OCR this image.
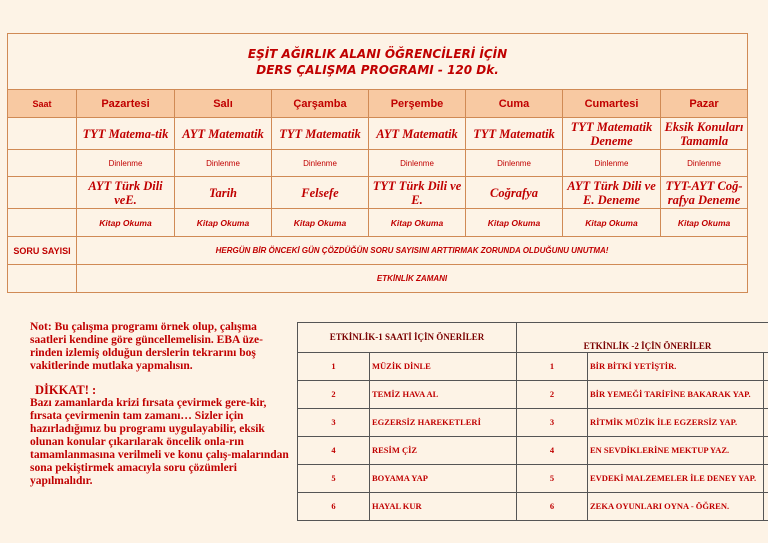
EŞİT AĞIRLIK ALANI ÖĞRENCİLERİ İÇİN
DERS ÇALIŞMA PROGRAMI - 120 Dk.							

Saat	Pazartesi	Salı	Çarşamba	Perşembe	Cuma	Cumartesi	Pazar
	TYT Matema-tik	AYT Matematik	TYT Matematik	AYT Matematik	TYT Matematik	TYT Matematik Deneme	Eksik Konuları Tamamla
	Dinlenme	Dinlenme	Dinlenme	Dinlenme	Dinlenme	Dinlenme	Dinlenme
	AYT Türk Dili veE.	Tarih	Felsefe	TYT Türk Dili ve E.	Coğrafya	AYT Türk Dili ve E. Deneme	TYT-AYT Coğ-rafya Deneme
	Kitap Okuma	Kitap Okuma	Kitap Okuma	Kitap Okuma	Kitap Okuma	Kitap Okuma	Kitap Okuma
SORU SAYISI	HERGÜN BİR ÖNCEKİ GÜN ÇÖZDÜĞÜN SORU SAYISINI ARTTIRMAK ZORUNDA OLDUĞUNU UNUTMA!						
	ETKİNLİK ZAMANI						

Not: Bu çalışma programı örnek olup, çalışma saatleri kendine göre güncellemelisin. EBA üze-rinden izlemiş olduğun derslerin tekrarını boş vakitlerinde mutlaka yapmalısın.

DİKKAT! :

Bazı zamanlarda krizi fırsata çevirmek gere-kir, fırsata çevirmenin tam zamanı… Sizler için hazırladığımız bu programı uygulayabilir, eksik olunan konular çıkarılarak öncelik onla-rın tamamlanmasına verilmeli ve konu çalış-malarından sona pekiştirmek amacıyla soru çözümleri yapılmalıdır.

ETKİNLİK-1 SAATİ İÇİN ÖNERİLER	
1	MÜZİK DİNLE
2	TEMİZ HAVA AL
3	EGZERSİZ HAREKETLERİ
4	RESİM ÇİZ
5	BOYAMA YAP
6	HAYAL KUR
ETKİNLİK -2 İÇİN ÖNERİLER		
1	BİR BİTKİ YETİŞTİR.	
2	BİR YEMEĞİ TARİFİNE BAKARAK YAP.	
3	RİTMİK MÜZİK İLE EGZERSİZ YAP.	
4	EN SEVDİKLERİNE MEKTUP YAZ.	
5	EVDEKİ MALZEMELER İLE DENEY YAP.	
6	ZEKA OYUNLARI OYNA - ÖĞREN.	
